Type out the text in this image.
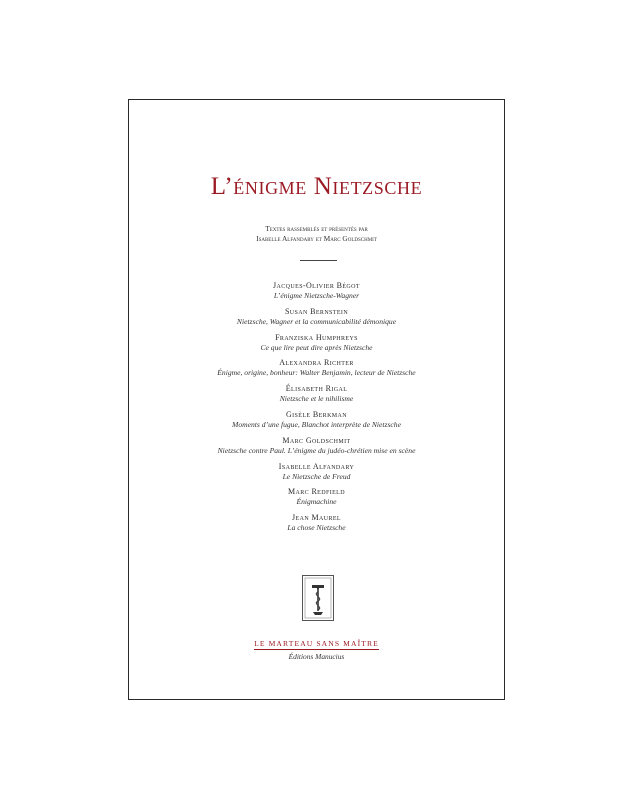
L’énigme Nietzsche
Textes rassemblés et présentés par
Isabelle Alfandary et Marc Goldschmit
Jacques-Olivier Bégot
L’énigme Nietzsche-Wagner
Susan Bernstein
Nietzsche, Wagner et la communicabilité démonique
Franziska Humphreys
Ce que lire peut dire après Nietzsche
Alexandra Richter
Énigme, origine, bonheur: Walter Benjamin, lecteur de Nietzsche
Élisabeth Rigal
Nietzsche et le nihilisme
Gisèle Berkman
Moments d’une fugue, Blanchot interprète de Nietzsche
Marc Goldschmit
Nietzsche contre Paul. L’énigme du judéo-chrétien mise en scène
Isabelle Alfandary
Le Nietzsche de Freud
Marc Redfield
Énigmachine
Jean Maurel
La chose Nietzsche
LE MARTEAU SANS MAÎTRE
Éditions Manucius
